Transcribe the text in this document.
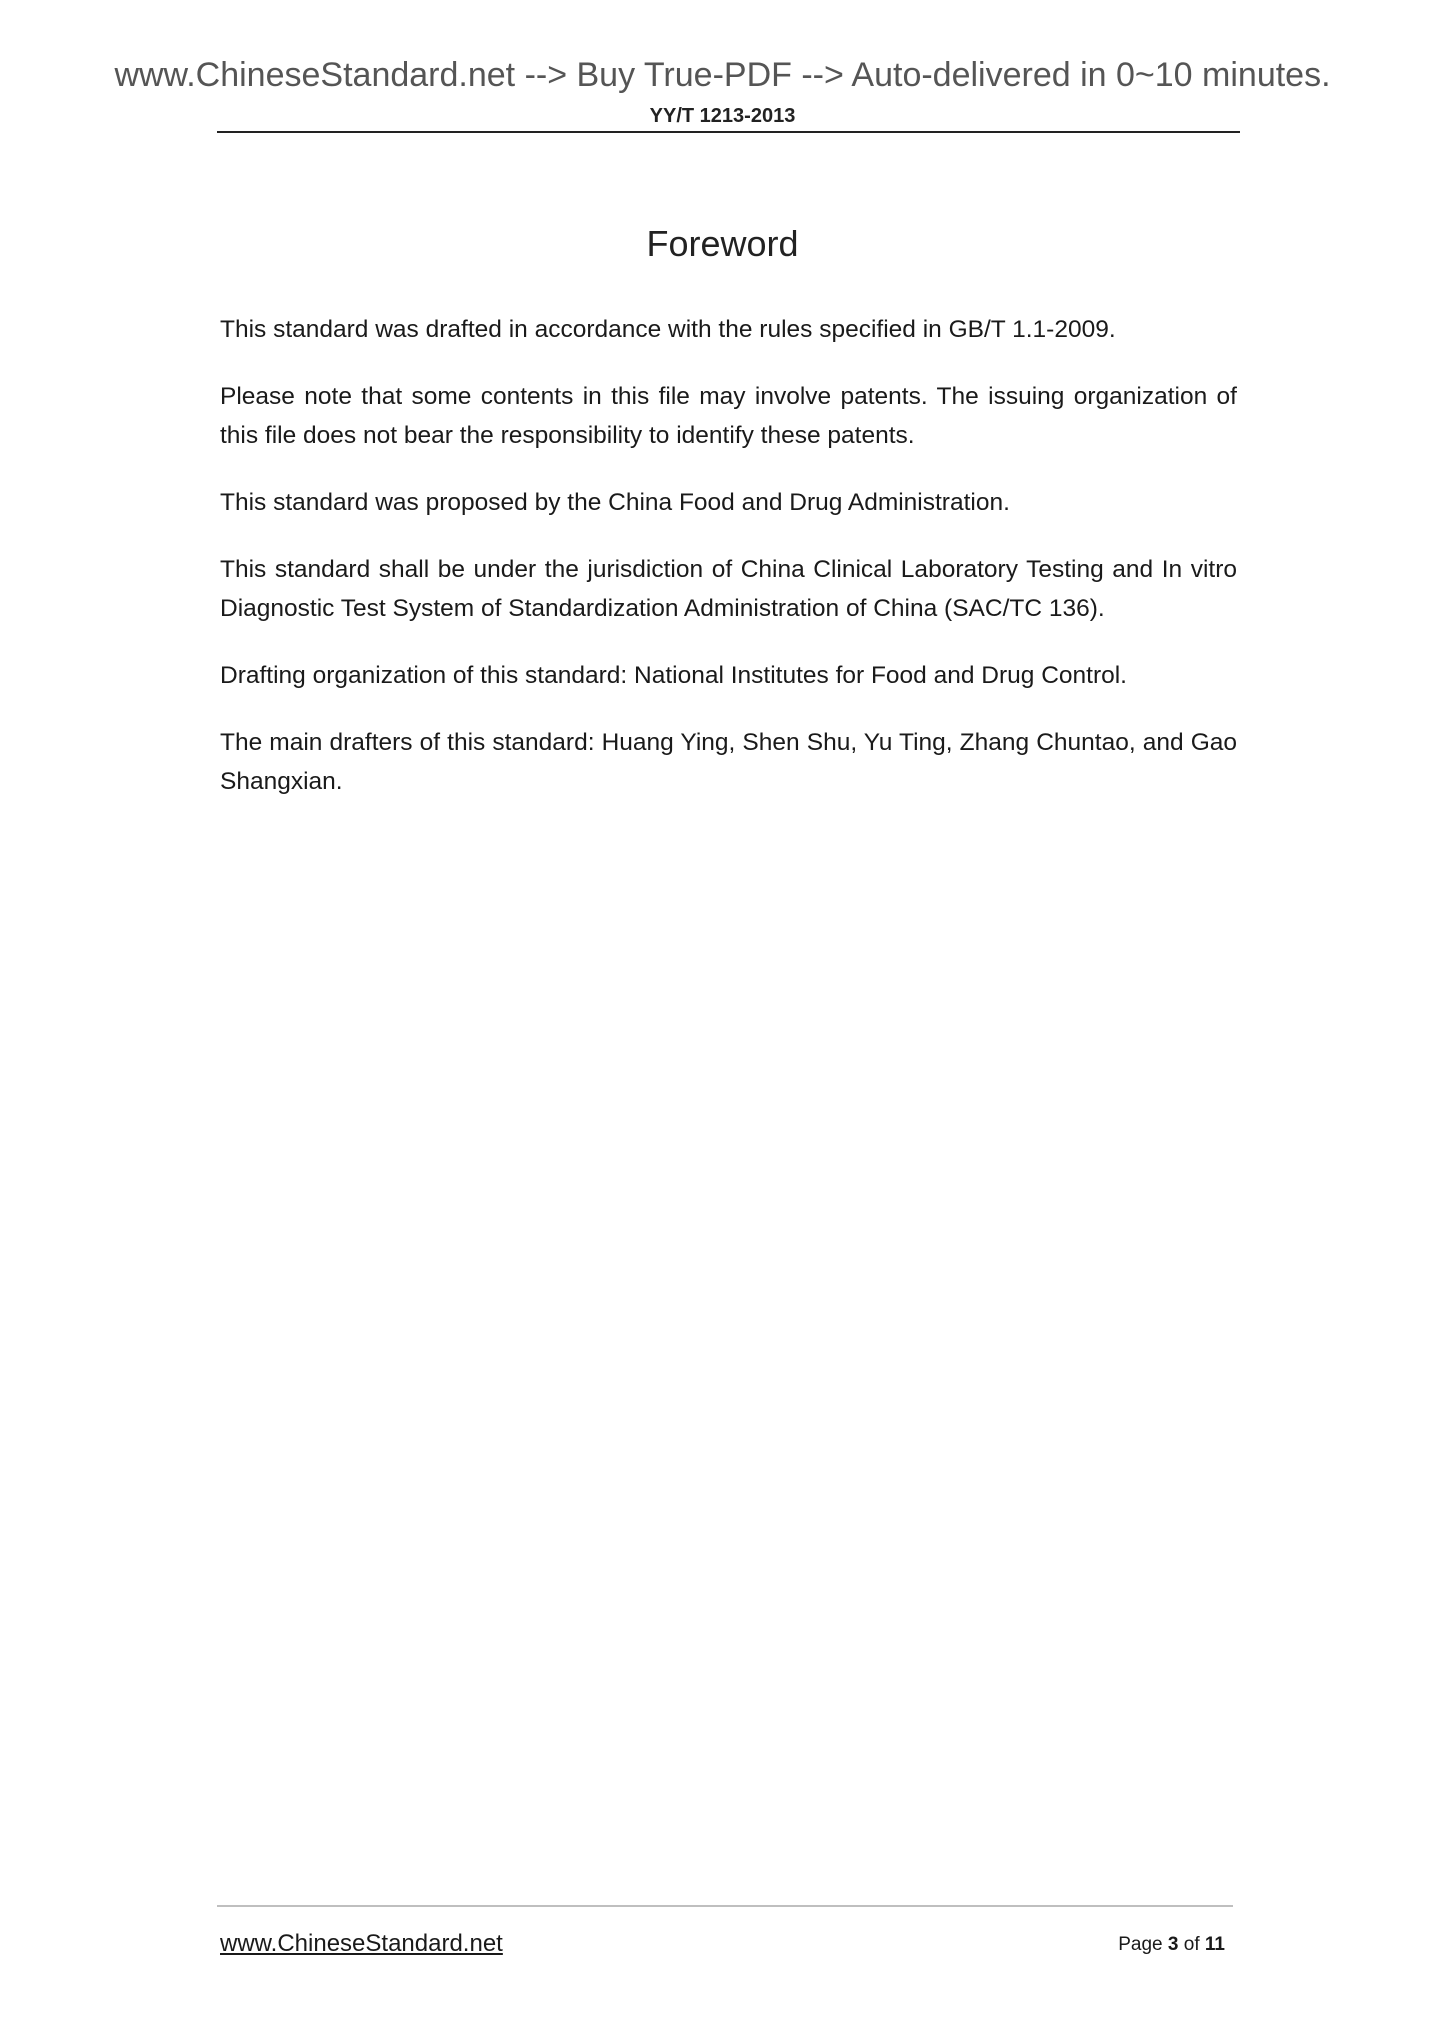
www.ChineseStandard.net --> Buy True-PDF --> Auto-delivered in 0~10 minutes.
YY/T 1213-2013
Foreword

This standard was drafted in accordance with the rules specified in GB/T 1.1-2009.

Please note that some contents in this file may involve patents. The issuing organization of this file does not bear the responsibility to identify these patents.

This standard was proposed by the China Food and Drug Administration.

This standard shall be under the jurisdiction of China Clinical Laboratory Testing and In vitro Diagnostic Test System of Standardization Administration of China (SAC/TC 136).

Drafting organization of this standard: National Institutes for Food and Drug Control.

The main drafters of this standard: Huang Ying, Shen Shu, Yu Ting, Zhang Chuntao, and Gao Shangxian.

www.ChineseStandard.net	Page 3 of 11
